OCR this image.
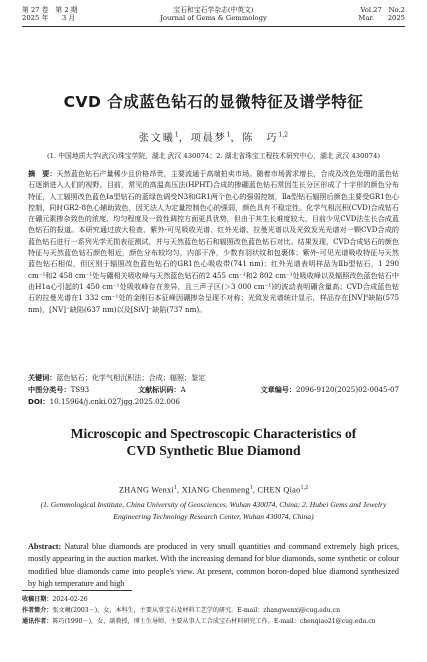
第 27 卷　第 2 期
2025 年　　3 月
宝石和宝石学杂志(中英文)
Journal of Gems & Gemmology
Vol.27　No.2
Mar.　　2025
CVD 合成蓝色钻石的显微特征及谱学特征
张文曦$^1$，项晨梦$^1$，陈　巧$^{1,2}$
(1. 中国地质大学(武汉)珠宝学院，湖北 武汉 430074；2. 湖北省珠宝工程技术研究中心，湖北 武汉 430074)
摘　要：天然蓝色钻石产量稀少且价格昂贵，主要流通于高端拍卖市场。随着市场需求增长，合成及改色处理的蓝色钻石逐渐进入人们的视野。目前，常见的高温高压法(HPHT)合成的掺硼蓝色钻石常因生长分区形成了十字形的颜色分布特征，人工辐照改色蓝色Ⅰa型钻石的蓝绿色调受N3和GR1两个色心的强弱控制，Ⅱa型钻石辐照后颜色主要受GR1色心控制，同时GR2-8色心辅助致色，因无法人为定量控制色心的强弱，颜色具有不稳定性。化学气相沉积(CVD)合成钻石在硼元素掺杂致色的浓度、均匀程度及一致性调控方面更具优势，但由于其生长难度较大，目前少见CVD法生长合成蓝色钻石的报道。本研究通过放大检查、紫外-可见吸收光谱、红外光谱、拉曼光谱以及光致发光光谱对一颗CVD合成的蓝色钻石进行一系列光学无损表征测试，并与天然蓝色钻石和辐照改色蓝色钻石对比。结果发现，CVD合成钻石的颜色特征与天然蓝色钻石颜色相近，颜色分布较均匀，内部干净，少数有羽状纹和包裹体；紫外-可见光谱吸收特征与天然蓝色钻石相似，但区别于辐照改色蓝色钻石的GR1色心吸收带(741 nm)；红外光谱表明样品为Ⅱb型钻石，1 290 cm⁻¹和2 458 cm⁻¹处与硼相关吸收峰与天然蓝色钻石的2 455 cm⁻¹和2 802 cm⁻¹处吸收峰以及辐照改色蓝色钻石中由H1a心引起的1 450 cm⁻¹处吸收峰存在差异，且三声子区(＞3 000 cm⁻¹)的波动表明硼含量高；CVD合成蓝色钻石的拉曼光谱在1 332 cm⁻¹处的金刚石本征峰因硼掺杂呈现不对称；光致发光谱统计显示，样品存在[NV]⁰缺陷(575 nm)，[NV]⁻缺陷(637 nm)以及[SiV]⁻缺陷(737 nm)。
关键词：蓝色钻石；化学气相沉积法；合成；辐照；鉴定
中图分类号：TS93	文献标识码：A	文章编号：2096-9120(2025)02-0045-07
DOI：10.15964/j.cnki.027jgg.2025.02.006
Microscopic and Spectroscopic Characteristics of
CVD Synthetic Blue Diamond
ZHANG Wenxi$^1$, XIANG Chenmeng$^1$, CHEN Qiao$^{1,2}$
(1. Gemmological Institute, China University of Geosciences, Wuhan 430074, China; 2. Hubei Gems and Jewelry Engineering Technology Research Center, Wuhan 430074, China)
Abstract: Natural blue diamonds are produced in very small quantities and command extremely high prices, mostly appearing in the auction market. With the increasing demand for blue diamonds, some synthetic or colour modified blue diamonds came into people's view. At present, common boron-doped blue diamond synthesized by high temperature and high
收稿日期：2024-02-26
作者简介：张文曦(2003－)，女，本科生，主要从事宝石及材料工艺学的研究。E-mail：zhangwenxi@cug.edu.cn
通讯作者：陈巧(1990－)，女，副教授，博士生导师，主要从事人工合成宝石材料研究工作。E-mail：chenqiao21@cug.edu.cn
